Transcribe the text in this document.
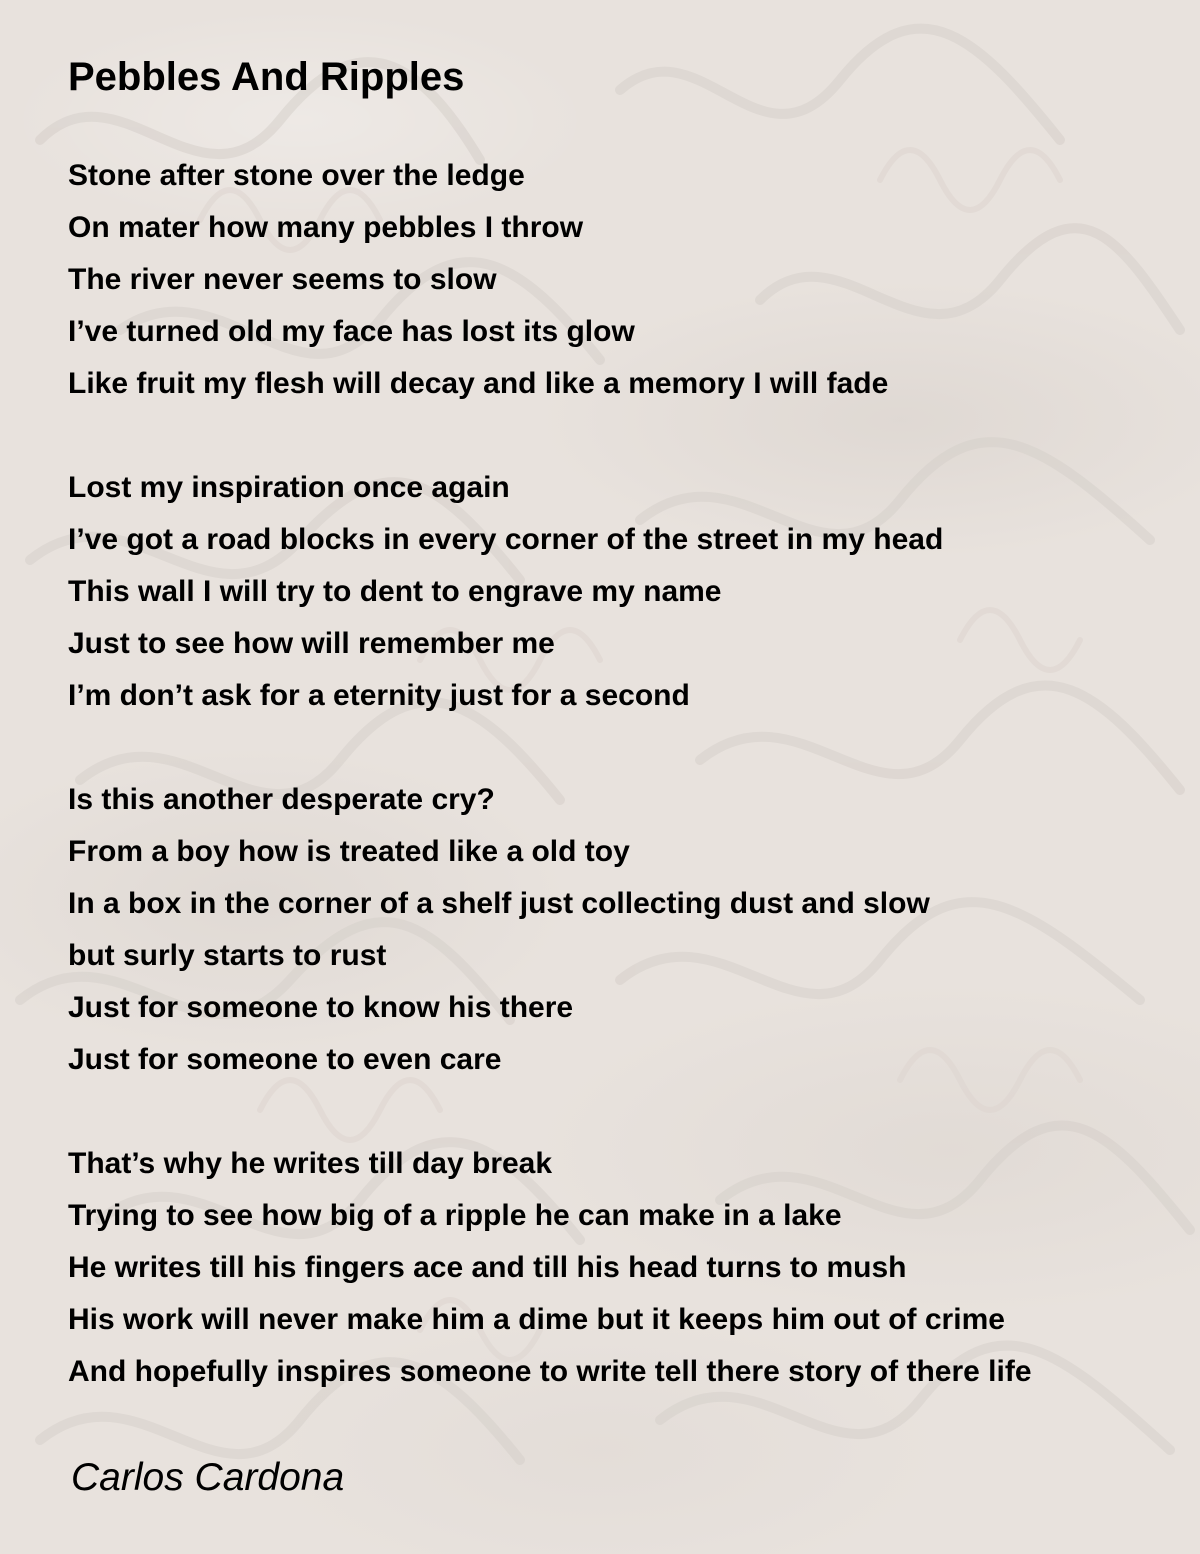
Pebbles And Ripples
Stone after stone over the ledge
On mater how many pebbles I throw
The river never seems to slow
I’ve turned old my face has lost its glow
Like fruit my flesh will decay and like a memory I will fade
Lost my inspiration once again
I’ve got a road blocks in every corner of the street in my head
This wall I will try to dent to engrave my name
Just to see how will remember me
I’m don’t ask for a eternity just for a second
Is this another desperate cry?
From a boy how is treated like a old toy
In a box in the corner of a shelf just collecting dust and slow
but surly starts to rust
Just for someone to know his there
Just for someone to even care
That’s why he writes till day break
Trying to see how big of a ripple he can make in a lake
He writes till his fingers ace and till his head turns to mush
His work will never make him a dime but it keeps him out of crime
And hopefully inspires someone to write tell there story of there life
Carlos Cardona
